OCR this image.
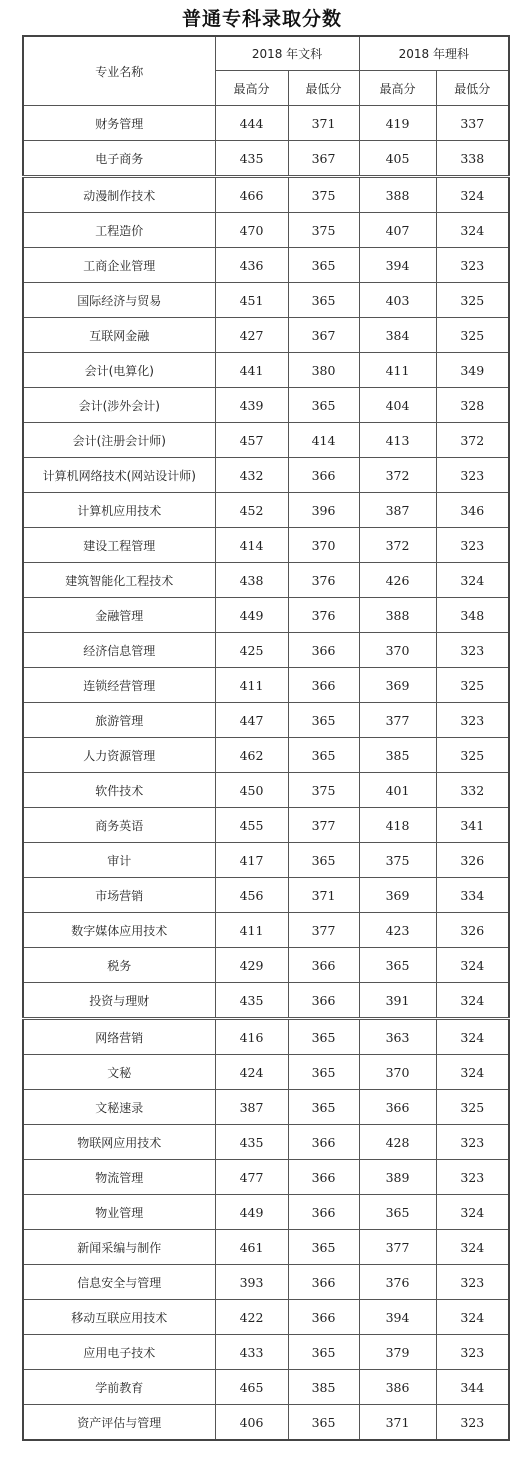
普通专科录取分数
专业名称	2018 年文科		2018 年理科	
	最高分	最低分	最高分	最低分
财务管理	444	371	419	337
电子商务	435	367	405	338
动漫制作技术	466	375	388	324
工程造价	470	375	407	324
工商企业管理	436	365	394	323
国际经济与贸易	451	365	403	325
互联网金融	427	367	384	325
会计(电算化)	441	380	411	349
会计(涉外会计)	439	365	404	328
会计(注册会计师)	457	414	413	372
计算机网络技术(网站设计师)	432	366	372	323
计算机应用技术	452	396	387	346
建设工程管理	414	370	372	323
建筑智能化工程技术	438	376	426	324
金融管理	449	376	388	348
经济信息管理	425	366	370	323
连锁经营管理	411	366	369	325
旅游管理	447	365	377	323
人力资源管理	462	365	385	325
软件技术	450	375	401	332
商务英语	455	377	418	341
审计	417	365	375	326
市场营销	456	371	369	334
数字媒体应用技术	411	377	423	326
税务	429	366	365	324
投资与理财	435	366	391	324
网络营销	416	365	363	324
文秘	424	365	370	324
文秘速录	387	365	366	325
物联网应用技术	435	366	428	323
物流管理	477	366	389	323
物业管理	449	366	365	324
新闻采编与制作	461	365	377	324
信息安全与管理	393	366	376	323
移动互联应用技术	422	366	394	324
应用电子技术	433	365	379	323
学前教育	465	385	386	344
资产评估与管理	406	365	371	323
